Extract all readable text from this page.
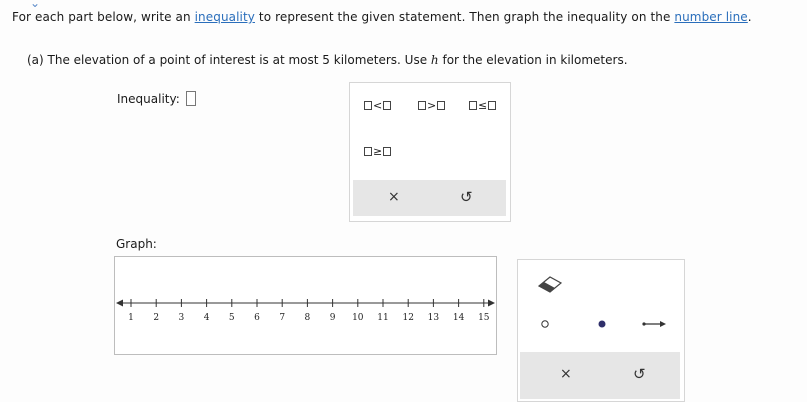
⌄
For each part below, write an inequality to represent the given statement. Then graph the inequality on the number line.
(a) The elevation of a point of interest is at most 5 kilometers. Use h for the elevation in kilometers.
Inequality:	<	>	≤
≥
×	↺
Graph:
1 2 3 4 5 6 7 8 9 10 11 12 13 14 15
×	↺
